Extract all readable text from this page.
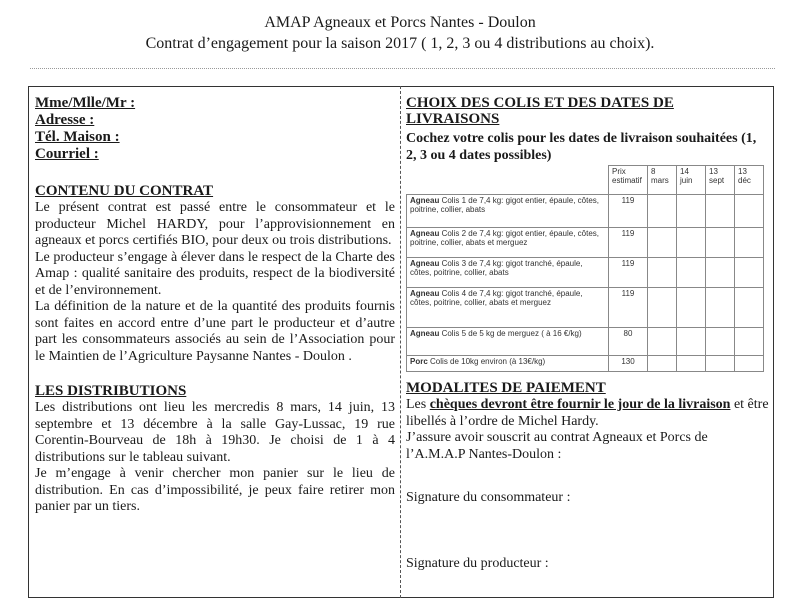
AMAP Agneaux et Porcs Nantes - Doulon
Contrat d’engagement pour la saison 2017 ( 1, 2, 3 ou 4 distributions au choix).
Mme/Mlle/Mr :
Adresse :
Tél. Maison :
Courriel :
CONTENU DU CONTRAT

Le présent contrat est passé entre le consommateur et le producteur Michel HARDY, pour l’approvisionnement en agneaux et porcs certifiés BIO, pour deux ou trois distributions.

Le producteur s’engage à élever dans le respect de la Charte des Amap : qualité sanitaire des produits, respect de la biodiversité et de l’environnement.

La définition de la nature et de la quantité des produits fournis sont faites en accord entre d’une part le producteur et d’autre part les consommateurs associés au sein de l’Association pour le Maintien de l’Agriculture Paysanne Nantes - Doulon .

LES DISTRIBUTIONS

Les distributions ont lieu les mercredis 8 mars, 14 juin, 13 septembre et 13 décembre à la salle Gay-Lussac, 19 rue Corentin-Bourveau de 18h à 19h30. Je choisi de 1 à 4 distributions sur le tableau suivant.

Je m’engage à venir chercher mon panier sur le lieu de distribution. En cas d’impossibilité, je peux faire retirer mon panier par un tiers.

CHOIX DES COLIS ET DES DATES DE LIVRAISONS
Cochez votre colis pour les dates de livraison souhaitées (1, 2, 3 ou 4 dates possibles)
	Prix estimatif	8 mars	14 juin	13 sept	13 déc
Agneau Colis 1 de 7,4 kg: gigot entier, épaule, côtes, poitrine, collier, abats	119				
Agneau Colis 2 de 7,4 kg: gigot entier, épaule, côtes, poitrine, collier, abats et merguez	119				
Agneau Colis 3 de 7,4 kg: gigot tranché, épaule, côtes, poitrine, collier, abats	119				
Agneau Colis 4 de 7,4 kg: gigot tranché, épaule, côtes, poitrine, collier, abats et merguez	119				
Agneau Colis 5 de 5 kg de merguez ( à 16 €/kg)	80				
Porc Colis de 10kg environ (à 13€/kg)	130				
MODALITES DE PAIEMENT
Les chèques devront être fournir le jour de la livraison et être libellés à l’ordre de Michel Hardy.
J’assure avoir souscrit au contrat Agneaux et Porcs de l’A.M.A.P Nantes-Doulon :
Signature du consommateur :
Signature du producteur :
